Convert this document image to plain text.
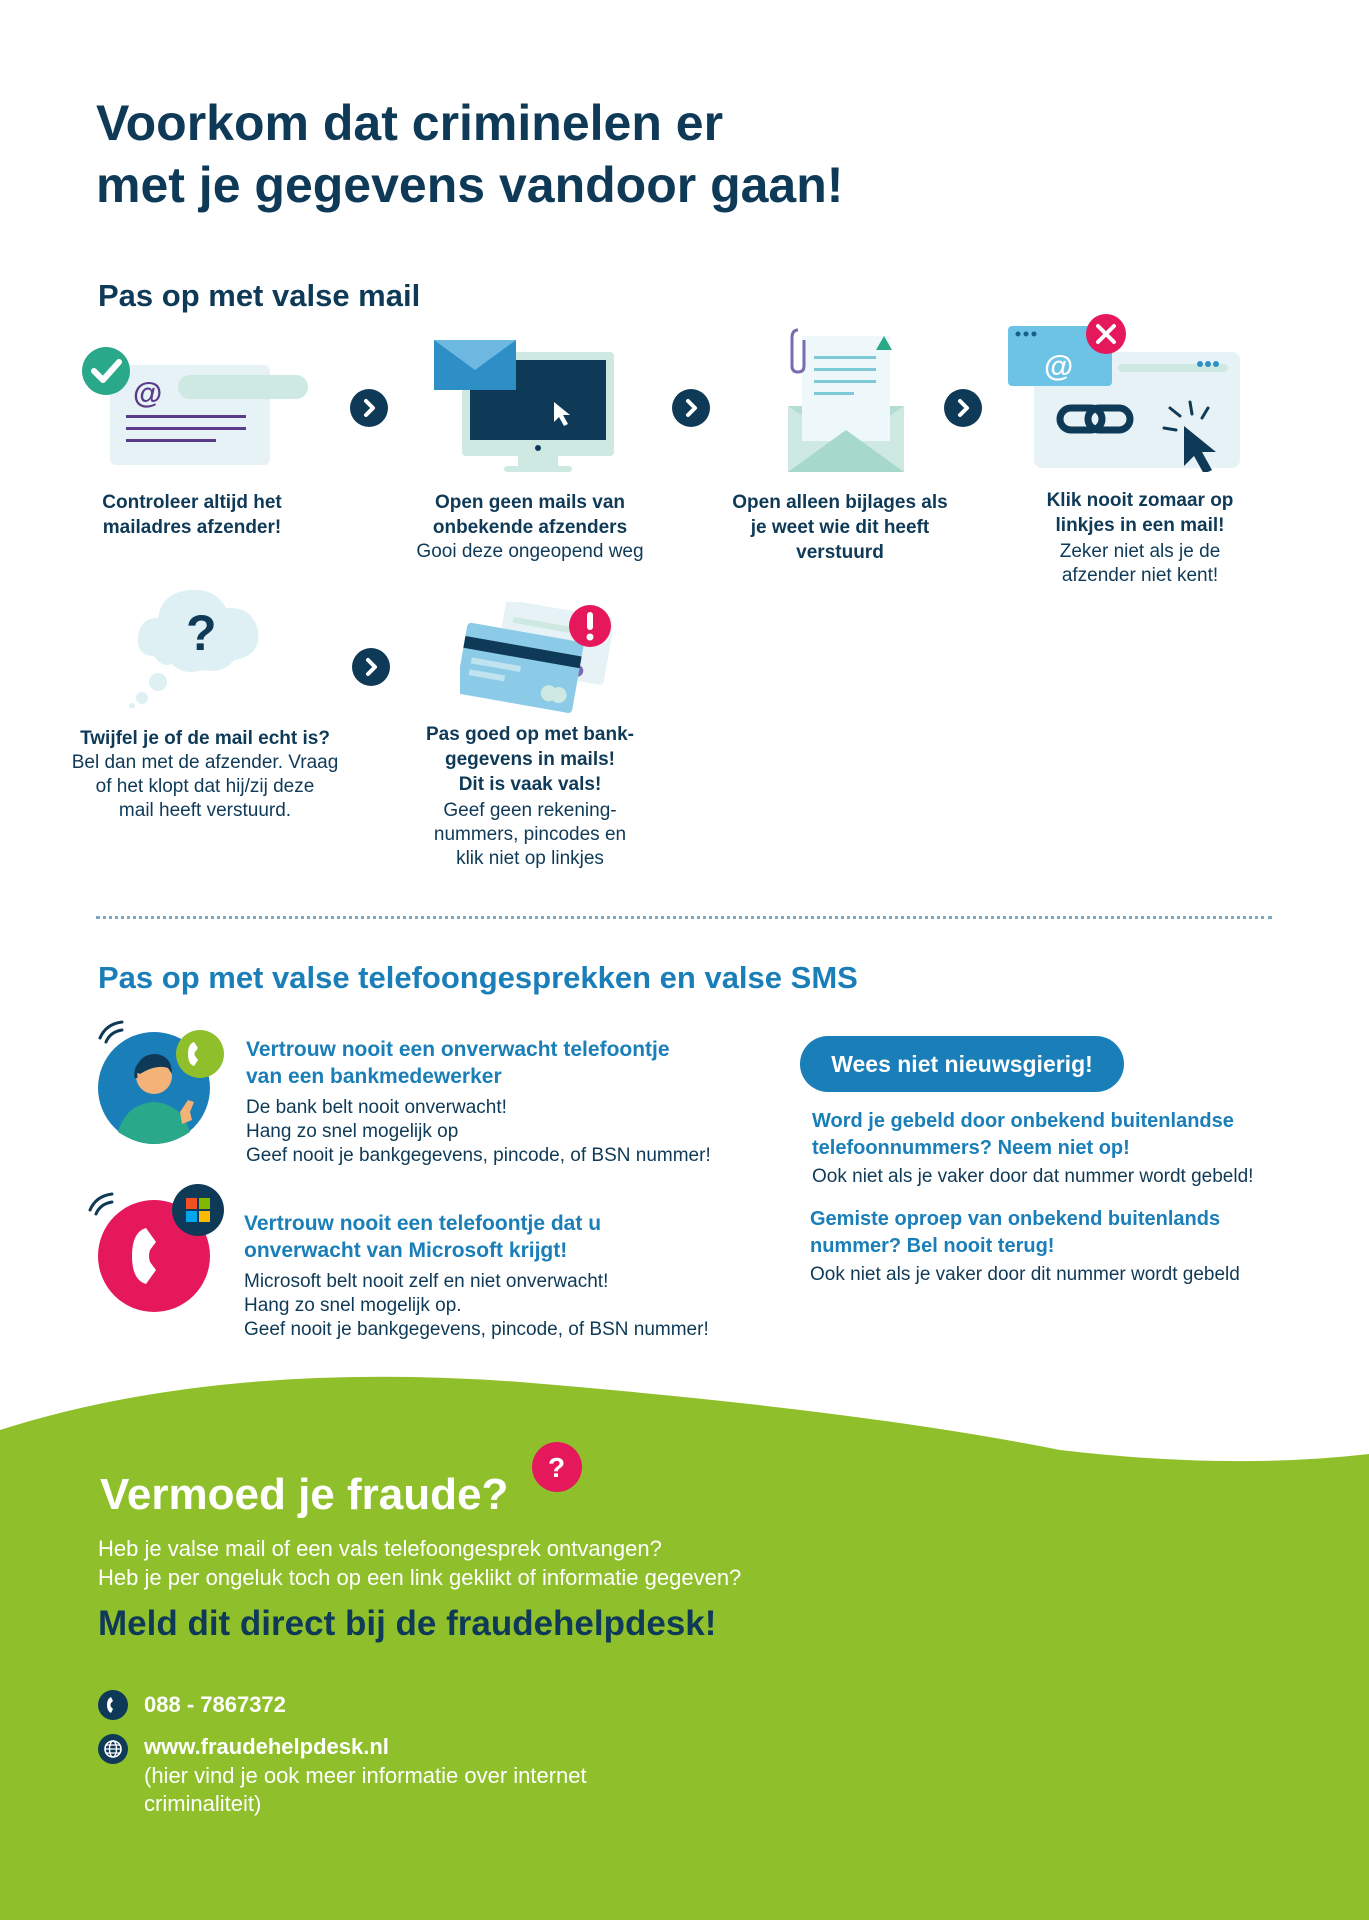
Voorkom dat criminelen er
met je gegevens vandoor gaan!
Pas op met valse mail
@
@
Controleer altijd het
mailadres afzender!
Open geen mails van
onbekende afzenders
Gooi deze ongeopend weg
Open alleen bijlages als
je weet wie dit heeft
verstuurd
Klik nooit zomaar op
linkjes in een mail!
Zeker niet als je de
afzender niet kent!
?
Twijfel je of de mail echt is?
Bel dan met de afzender. Vraag
of het klopt dat hij/zij deze
mail heeft verstuurd.
Pas goed op met bank-
gegevens in mails!
Dit is vaak vals!
Geef geen rekening-
nummers, pincodes en
klik niet op linkjes
Pas op met valse telefoongesprekken en valse SMS
Vertrouw nooit een onverwacht telefoontje
van een bankmedewerker
De bank belt nooit onverwacht!
Hang zo snel mogelijk op
Geef nooit je bankgegevens, pincode, of BSN nummer!
Vertrouw nooit een telefoontje dat u
onverwacht van Microsoft krijgt!
Microsoft belt nooit zelf en niet onverwacht!
Hang zo snel mogelijk op.
Geef nooit je bankgegevens, pincode, of BSN nummer!
Wees niet nieuwsgierig!
Word je gebeld door onbekend buitenlandse
telefoonnummers? Neem niet op!
Ook niet als je vaker door dat nummer wordt gebeld!
Gemiste oproep van onbekend buitenlands
nummer? Bel nooit terug!
Ook niet als je vaker door dit nummer wordt gebeld
Vermoed je fraude?
?
Heb je valse mail of een vals telefoongesprek ontvangen?
Heb je per ongeluk toch op een link geklikt of informatie gegeven?
Meld dit direct bij de fraudehelpdesk!
088 - 7867372
www.fraudehelpdesk.nl
(hier vind je ook meer informatie over internet
criminaliteit)
